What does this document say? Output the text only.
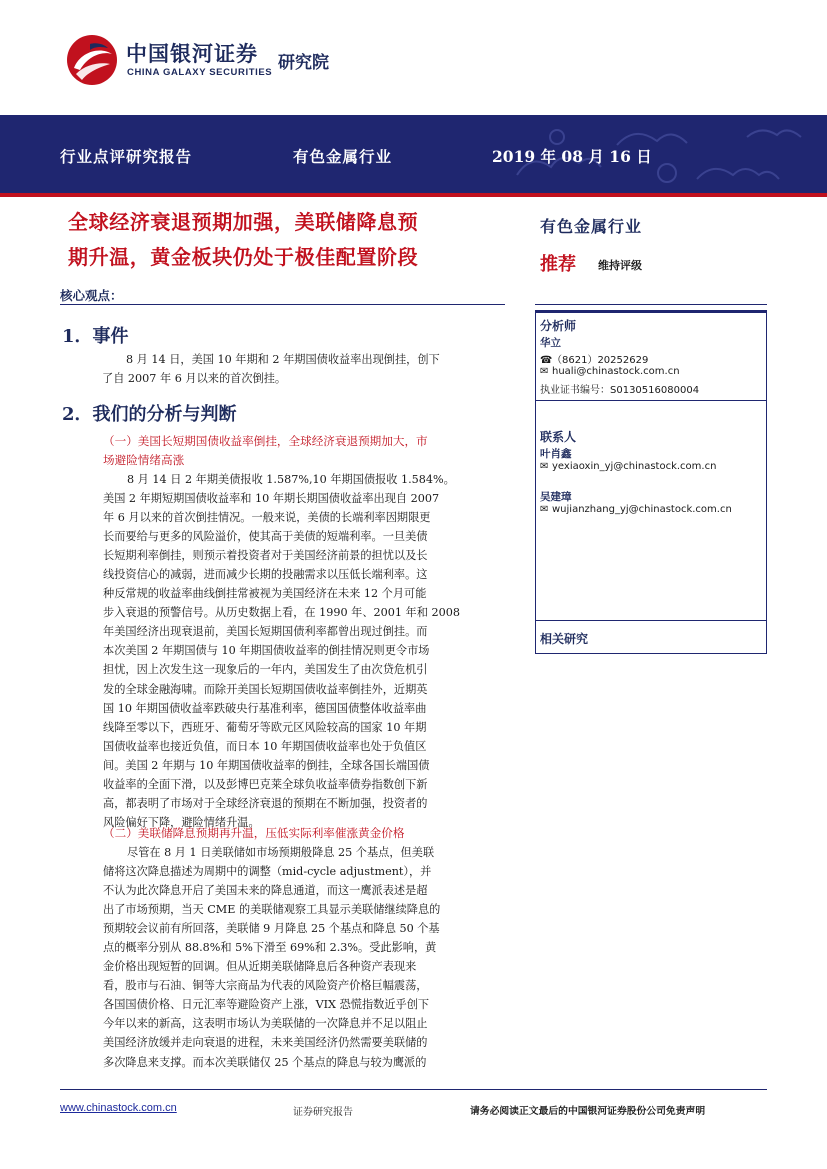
中国银河证券
CHINA GALAXY SECURITIES 研究院
行业点评研究报告	有色金属行业	2019 年 08 月 16 日
全球经济衰退预期加强，美联储降息预
期升温，黄金板块仍处于极佳配置阶段
核心观点：
有色金属行业
推荐 维持评级
分析师
华立
☎（8621）20252629
✉ huali@chinastock.com.cn
执业证书编号：S0130516080004
联系人
叶肖鑫
✉ yexiaoxin_yj@chinastock.com.cn
吴建璋
✉ wujianzhang_yj@chinastock.com.cn
相关研究
1．事件
8 月 14 日，美国 10 年期和 2 年期国债收益率出现倒挂，创下
了自 2007 年 6 月以来的首次倒挂。
2．我们的分析与判断
（一）美国长短期国债收益率倒挂，全球经济衰退预期加大，市
场避险情绪高涨
8 月 14 日 2 年期美债报收 1.587%,10 年期国债报收 1.584%。
美国 2 年期短期国债收益率和 10 年期长期国债收益率出现自 2007
年 6 月以来的首次倒挂情况。一般来说，美债的长端利率因期限更
长而要给与更多的风险溢价，使其高于美债的短端利率。一旦美债
长短期利率倒挂，则预示着投资者对于美国经济前景的担忧以及长
线投资信心的减弱，进而减少长期的投融需求以压低长端利率。这
种反常规的收益率曲线倒挂常被视为美国经济在未来 12 个月可能
步入衰退的预警信号。从历史数据上看，在 1990 年、2001 年和 2008
年美国经济出现衰退前，美国长短期国债利率都曾出现过倒挂。而
本次美国 2 年期国债与 10 年期国债收益率的倒挂情况则更令市场
担忧，因上次发生这一现象后的一年内，美国发生了由次贷危机引
发的全球金融海啸。而除开美国长短期国债收益率倒挂外，近期英
国 10 年期国债收益率跌破央行基准利率，德国国债整体收益率曲
线降至零以下，西班牙、葡萄牙等欧元区风险较高的国家 10 年期
国债收益率也接近负值，而日本 10 年期国债收益率也处于负值区
间。美国 2 年期与 10 年期国债收益率的倒挂，全球各国长端国债
收益率的全面下滑，以及彭博巴克莱全球负收益率债券指数创下新
高，都表明了市场对于全球经济衰退的预期在不断加强，投资者的
风险偏好下降，避险情绪升温。
（二）美联储降息预期再升温，压低实际利率催涨黄金价格
尽管在 8 月 1 日美联储如市场预期般降息 25 个基点，但美联
储将这次降息描述为周期中的调整（mid-cycle adjustment），并
不认为此次降息开启了美国未来的降息通道，而这一鹰派表述是超
出了市场预期，当天 CME 的美联储观察工具显示美联储继续降息的
预期较会议前有所回落，美联储 9 月降息 25 个基点和降息 50 个基
点的概率分别从 88.8%和 5%下滑至 69%和 2.3%。受此影响，黄
金价格出现短暂的回调。但从近期美联储降息后各种资产表现来
看，股市与石油、铜等大宗商品为代表的风险资产价格巨幅震荡，
各国国债价格、日元汇率等避险资产上涨，VIX 恐慌指数近乎创下
今年以来的新高，这表明市场认为美联储的一次降息并不足以阻止
美国经济放缓并走向衰退的进程，未来美国经济仍然需要美联储的
多次降息来支撑。而本次美联储仅 25 个基点的降息与较为鹰派的
www.chinastock.com.cn	证券研究报告	请务必阅读正文最后的中国银河证券股份公司免责声明
